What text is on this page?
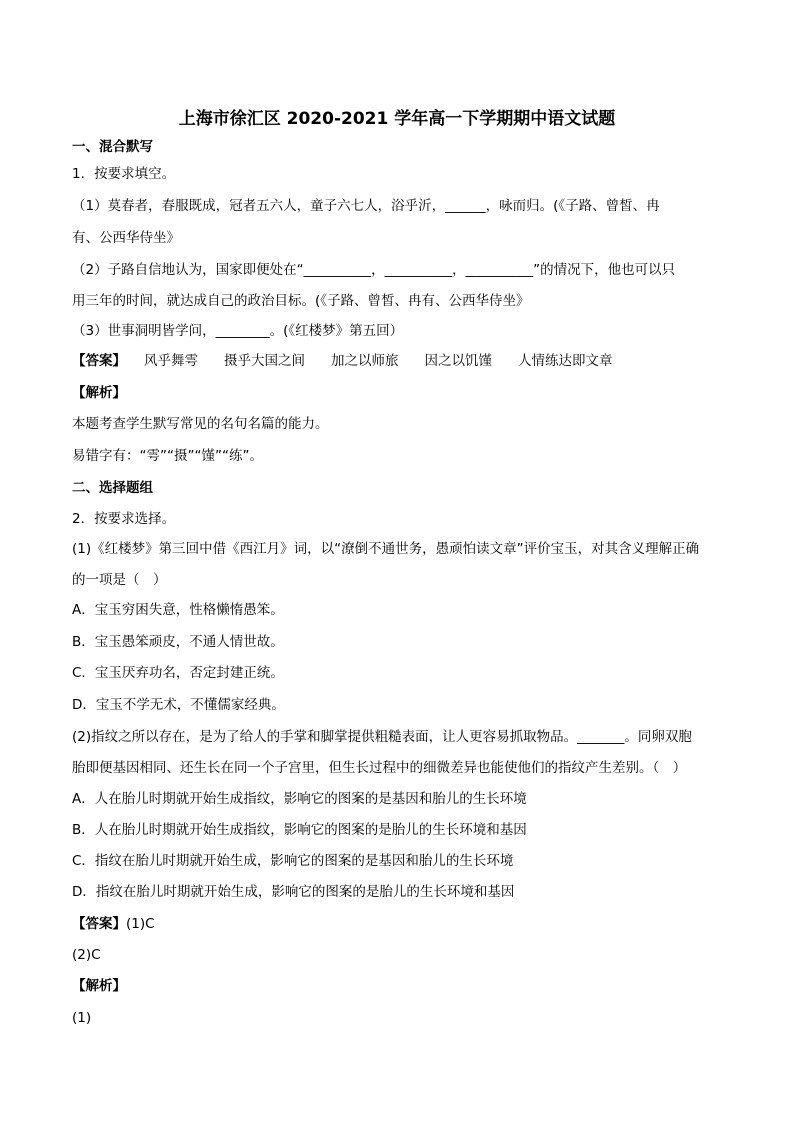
上海市徐汇区 2020-2021 学年高一下学期期中语文试题
一、混合默写
1．按要求填空。
（1）莫春者，春服既成，冠者五六人，童子六七人，浴乎沂，______，咏而归。(《子路、曾皙、冉
有、公西华侍坐》
（2）子路自信地认为，国家即便处在“__________，__________，__________”的情况下，他也可以只
用三年的时间，就达成自己的政治目标。(《子路、曾皙、冉有、公西华侍坐》
（3）世事洞明皆学问，________。(《红楼梦》第五回）
【答案】 风乎舞雩 摄乎大国之间 加之以师旅 因之以饥馑 人情练达即文章
【解析】
本题考查学生默写常见的名句名篇的能力。
易错字有：“雩”“摄”“馑”“练”。
二、选择题组
2．按要求选择。
(1)《红楼梦》第三回中借《西江月》词，以“潦倒不通世务，愚顽怕读文章”评价宝玉，对其含义理解正确
的一项是（　）
A．宝玉穷困失意，性格懒惰愚笨。
B．宝玉愚笨顽皮，不通人情世故。
C．宝玉厌弃功名，否定封建正统。
D．宝玉不学无术，不懂儒家经典。
(2)指纹之所以存在，是为了给人的手掌和脚掌提供粗糙表面，让人更容易抓取物品。_______。同卵双胞
胎即便基因相同、还生长在同一个子宫里，但生长过程中的细微差异也能使他们的指纹产生差别。（　）
A．人在胎儿时期就开始生成指纹，影响它的图案的是基因和胎儿的生长环境
B．人在胎儿时期就开始生成指纹，影响它的图案的是胎儿的生长环境和基因
C．指纹在胎儿时期就开始生成，影响它的图案的是基因和胎儿的生长环境
D．指纹在胎儿时期就开始生成，影响它的图案的是胎儿的生长环境和基因
【答案】(1)C
(2)C
【解析】
(1)
